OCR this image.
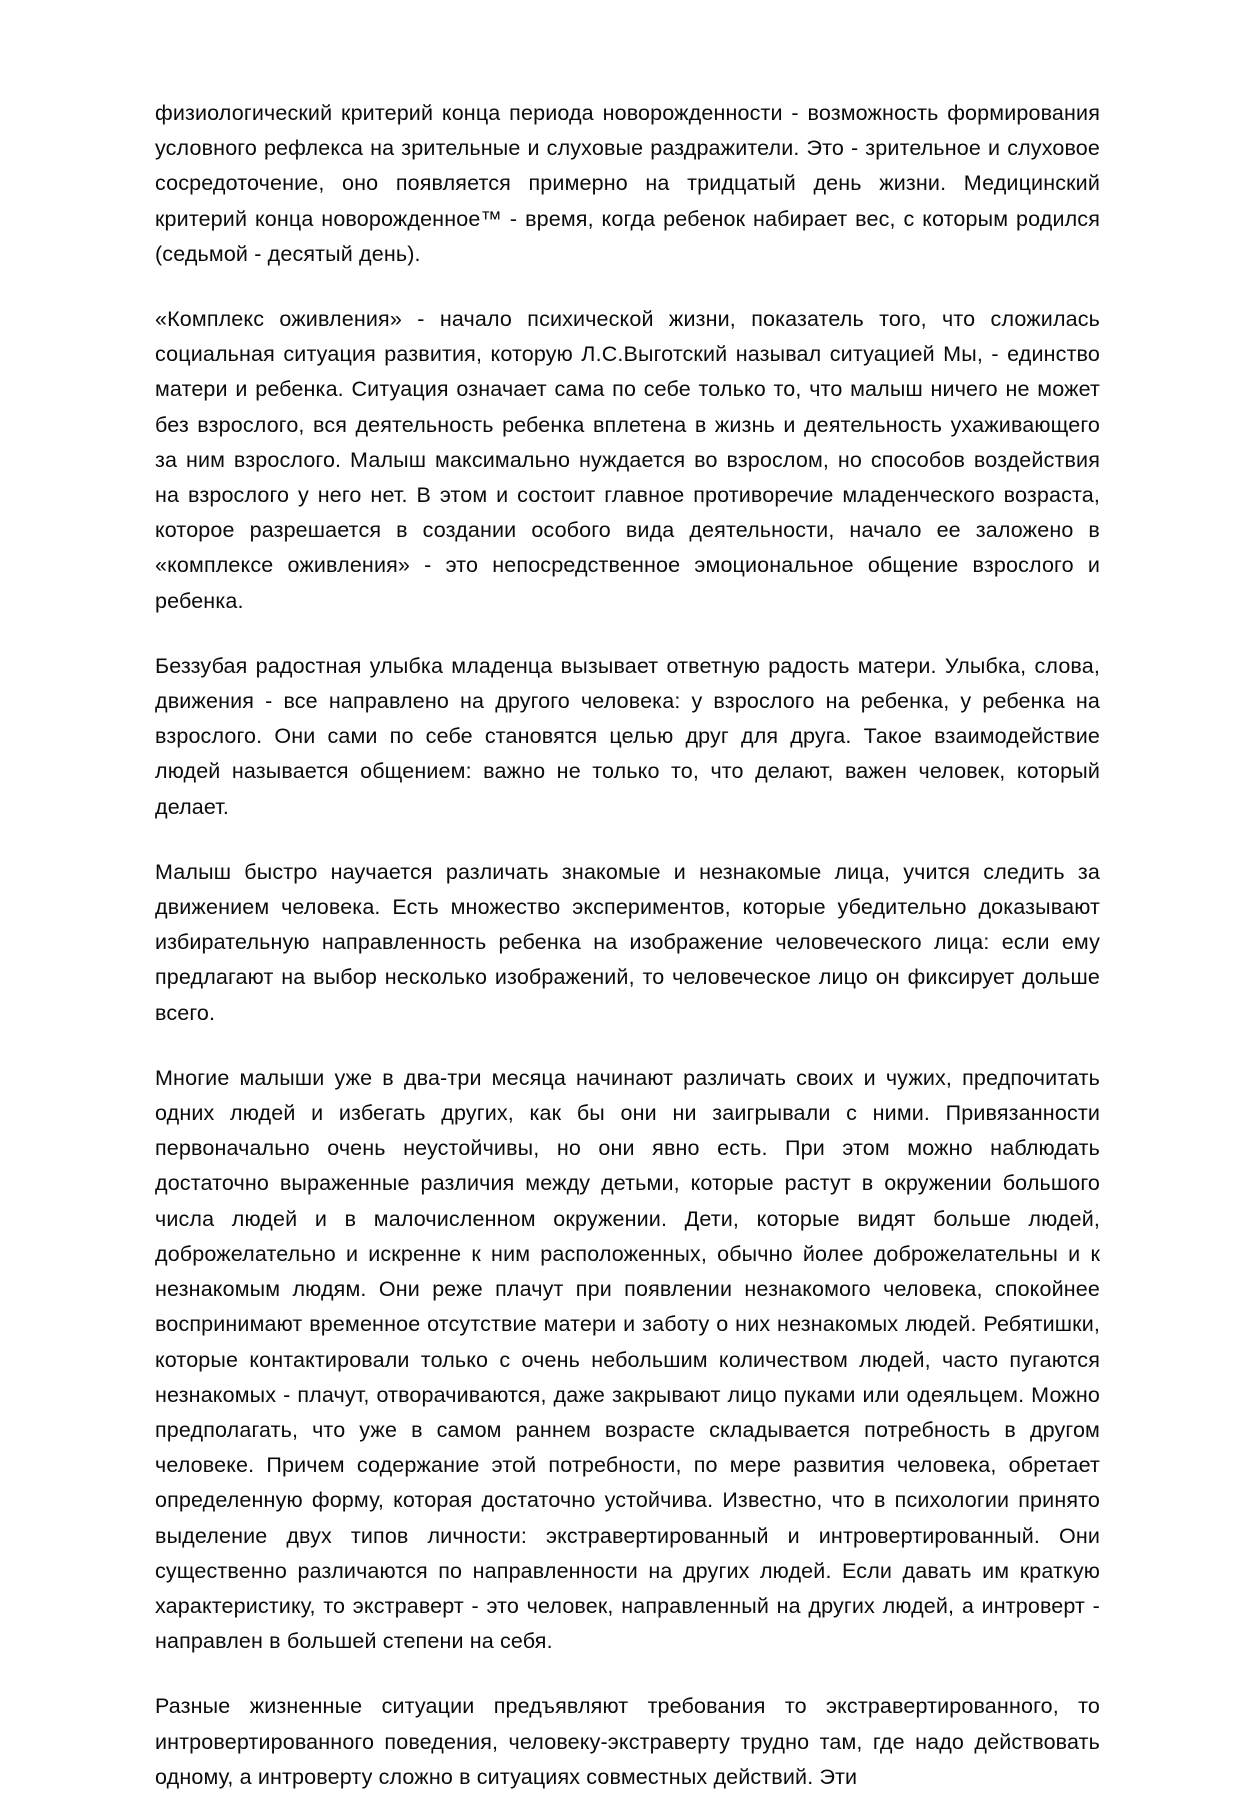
физиологический критерий конца периода новорожденности - возможность формирования условного рефлекса на зрительные и слуховые раздражители. Это - зрительное и слуховое сосредоточение, оно появляется примерно на тридцатый день жизни. Медицинский критерий конца новорожденное™ - время, когда ребенок набирает вес, с которым родился (седьмой - десятый день).

«Комплекс оживления» - начало психической жизни, показатель того, что сложилась социальная ситуация развития, которую Л.С.Выготский называл ситуацией Мы, - единство матери и ребенка. Ситуация означает сама по себе только то, что малыш ничего не может без взрослого, вся деятельность ребенка вплетена в жизнь и деятельность ухаживающего за ним взрослого. Малыш максимально нуждается во взрослом, но способов воздействия на взрослого у него нет. В этом и состоит главное противоречие младенческого возраста, которое разрешается в создании особого вида деятельности, начало ее заложено в «комплексе оживления» - это непосредственное эмоциональное общение взрослого и ребенка.

Беззубая радостная улыбка младенца вызывает ответную радость матери. Улыбка, слова, движения - все направлено на другого человека: у взрослого на ребенка, у ребенка на взрослого. Они сами по себе становятся целью друг для друга. Такое взаимодействие людей называется общением: важно не только то, что делают, важен человек, который делает.

Малыш быстро научается различать знакомые и незнакомые лица, учится следить за движением человека. Есть множество экспериментов, которые убедительно доказывают избирательную направленность ребенка на изображение человеческого лица: если ему предлагают на выбор несколько изображений, то человеческое лицо он фиксирует дольше всего.

Многие малыши уже в два-три месяца начинают различать своих и чужих, предпочитать одних людей и избегать других, как бы они ни заигрывали с ними. Привязанности первоначально очень неустойчивы, но они явно есть. При этом можно наблюдать достаточно выраженные различия между детьми, которые растут в окружении большого числа людей и в малочисленном окружении. Дети, которые видят больше людей, доброжелательно и искренне к ним расположенных, обычно йолее доброжелательны и к незнакомым людям. Они реже плачут при появлении незнакомого человека, спокойнее воспринимают временное отсутствие матери и заботу о них незнакомых людей. Ребятишки, которые контактировали только с очень небольшим количеством людей, часто пугаются незнакомых - плачут, отворачиваются, даже закрывают лицо пуками или одеяльцем. Можно предполагать, что уже в самом раннем возрасте складывается потребность в другом человеке. Причем содержание этой потребности, по мере развития человека, обретает определенную форму, которая достаточно устойчива. Известно, что в психологии принято выделение двух типов личности: экстравертированный и интровертированный. Они существенно различаются по направленности на других людей. Если давать им краткую характеристику, то экстраверт - это человек, направленный на других людей, а интроверт - направлен в большей степени на себя.

Разные жизненные ситуации предъявляют требования то экстравертированного, то интровертированного поведения, человеку-экстраверту трудно там, где надо действовать одному, а интроверту сложно в ситуациях совместных действий. Эти
